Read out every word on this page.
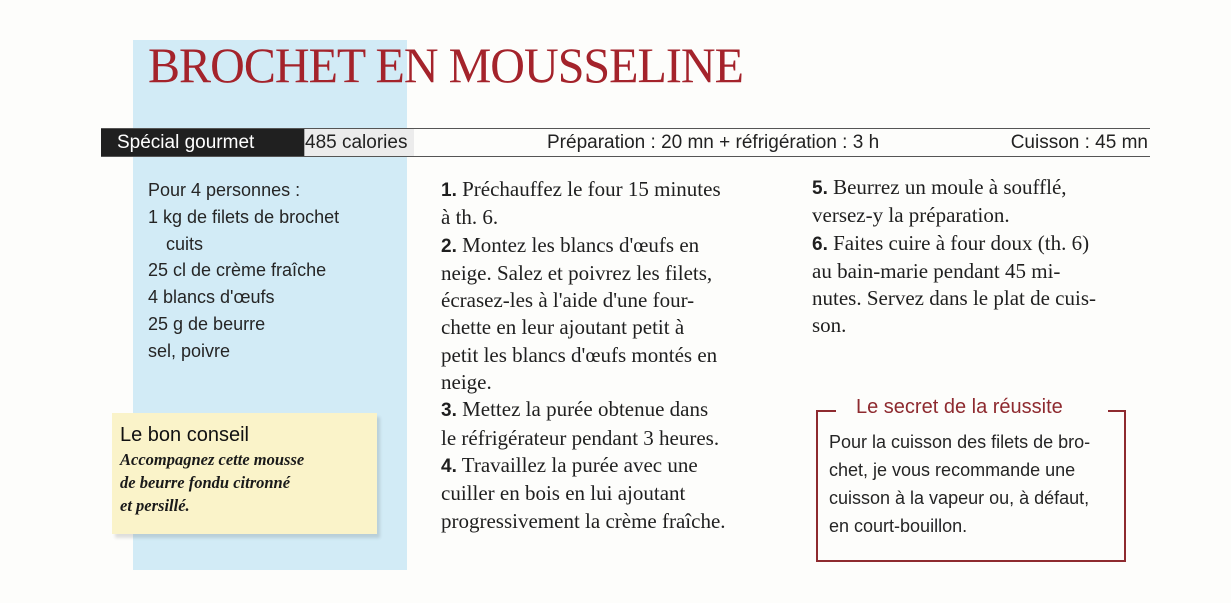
BROCHET EN MOUSSELINE
Spécial gourmet	485 calories	Préparation : 20 mn + réfrigération : 3 h	Cuisson : 45 mn
Pour 4 personnes :
1 kg de filets de brochet
cuits
25 cl de crème fraîche
4 blancs d'œufs
25 g de beurre
sel, poivre
Le bon conseil
Accompagnez cette mousse
de beurre fondu citronné
et persillé.
1. Préchauffez le four 15 minutes
à th. 6.
2. Montez les blancs d'œufs en
neige. Salez et poivrez les filets,
écrasez-les à l'aide d'une four-
chette en leur ajoutant petit à
petit les blancs d'œufs montés en
neige.
3. Mettez la purée obtenue dans
le réfrigérateur pendant 3 heures.
4. Travaillez la purée avec une
cuiller en bois en lui ajoutant
progressivement la crème fraîche.
5. Beurrez un moule à soufflé,
versez-y la préparation.
6. Faites cuire à four doux (th. 6)
au bain-marie pendant 45 mi-
nutes. Servez dans le plat de cuis-
son.
Le secret de la réussite
Pour la cuisson des filets de bro-
chet, je vous recommande une
cuisson à la vapeur ou, à défaut,
en court-bouillon.
